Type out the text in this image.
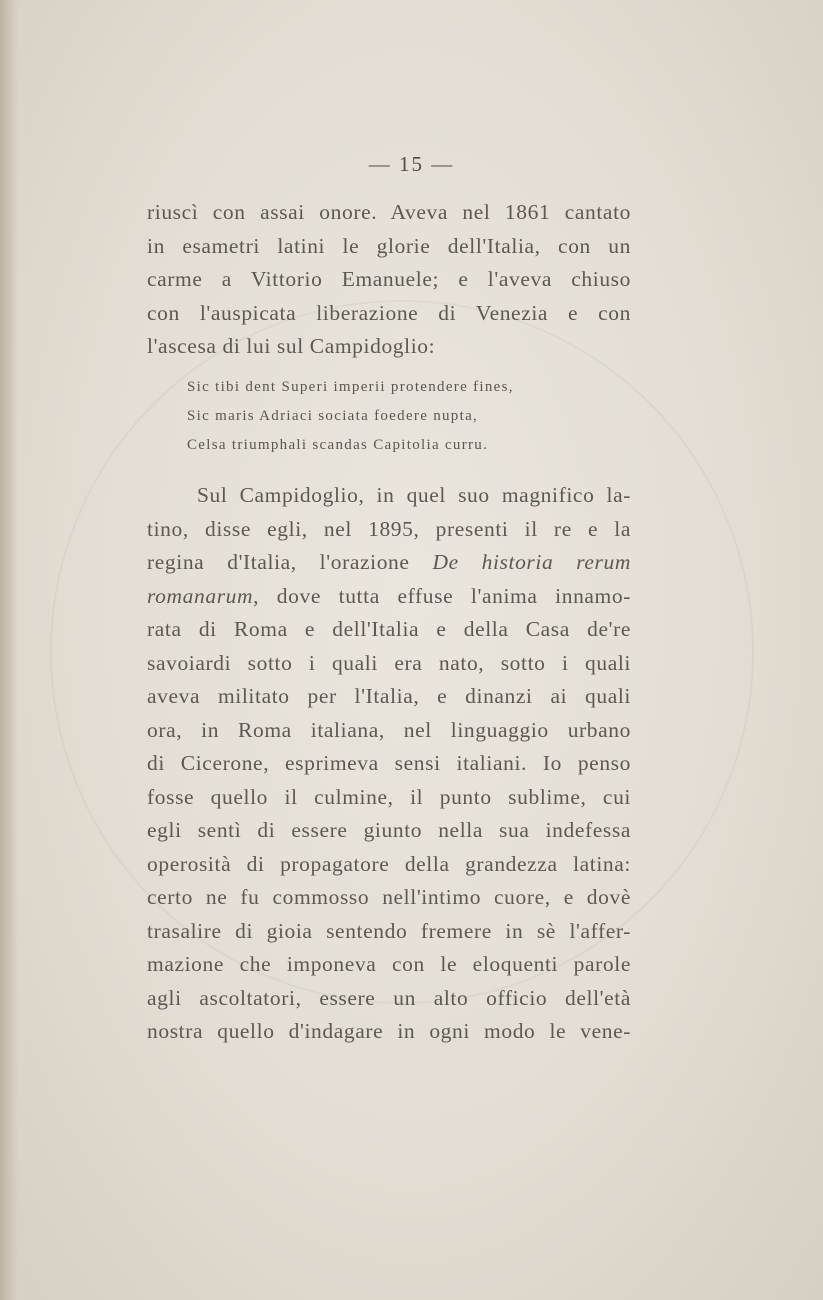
— 15 —
riuscì con assai onore. Aveva nel 1861 cantato
in esametri latini le glorie dell'Italia, con un
carme a Vittorio Emanuele; e l'aveva chiuso
con l'auspicata liberazione di Venezia e con
l'ascesa di lui sul Campidoglio:
Sic tibi dent Superi imperii protendere fines,
Sic maris Adriaci sociata foedere nupta,
Celsa triumphali scandas Capitolia curru.
Sul Campidoglio, in quel suo magnifico la-
tino, disse egli, nel 1895, presenti il re e la
regina d'Italia, l'orazione De historia rerum
romanarum, dove tutta effuse l'anima innamo-
rata di Roma e dell'Italia e della Casa de're
savoiardi sotto i quali era nato, sotto i quali
aveva militato per l'Italia, e dinanzi ai quali
ora, in Roma italiana, nel linguaggio urbano
di Cicerone, esprimeva sensi italiani. Io penso
fosse quello il culmine, il punto sublime, cui
egli sentì di essere giunto nella sua indefessa
operosità di propagatore della grandezza latina:
certo ne fu commosso nell'intimo cuore, e dovè
trasalire di gioia sentendo fremere in sè l'affer-
mazione che imponeva con le eloquenti parole
agli ascoltatori, essere un alto officio dell'età
nostra quello d'indagare in ogni modo le vene-
